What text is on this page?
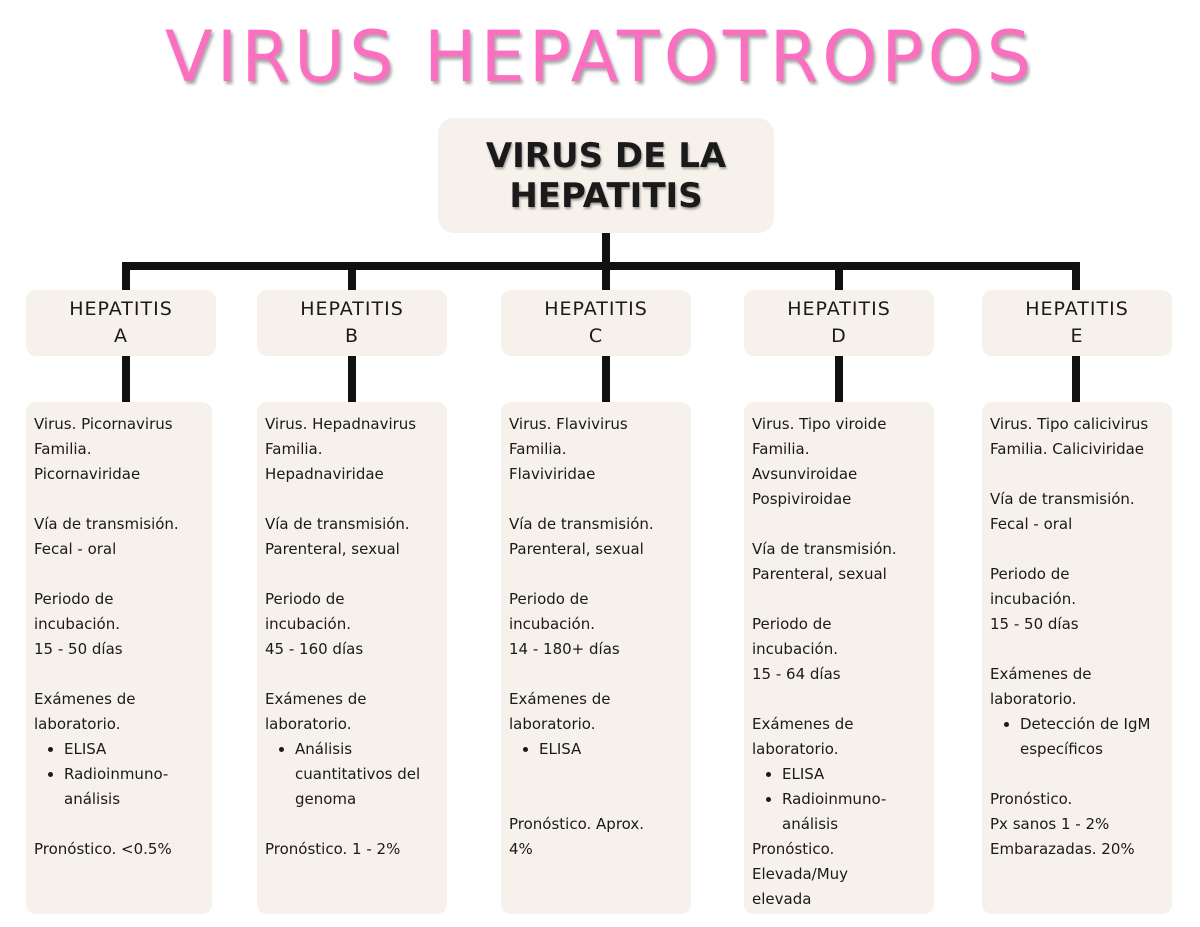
VIRUS HEPATOTROPOS
VIRUS DE LA
HEPATITIS
HEPATITIS
A
HEPATITIS
B
HEPATITIS
C
HEPATITIS
D
HEPATITIS
E

Virus. Picornavirus
Familia.
Picornaviridae

Vía de transmisión.
Fecal - oral

Periodo de
incubación.
15 - 50 días

Exámenes de
laboratorio.

• ELISA
• Radioinmuno-
análisis

Pronóstico. <0.5%

Virus. Hepadnavirus
Familia.
Hepadnaviridae

Vía de transmisión.
Parenteral, sexual

Periodo de
incubación.
45 - 160 días

Exámenes de
laboratorio.

• Análisis
cuantitativos del
genoma

Pronóstico. 1 - 2%

Virus. Flavivirus
Familia.
Flaviviridae

Vía de transmisión.
Parenteral, sexual

Periodo de
incubación.
14 - 180+ días

Exámenes de
laboratorio.

• ELISA

Pronóstico. Aprox.
4%

Virus. Tipo viroide
Familia.
Avsunviroidae
Pospiviroidae

Vía de transmisión.
Parenteral, sexual

Periodo de
incubación.
15 - 64 días

Exámenes de
laboratorio.

• ELISA
• Radioinmuno-
análisis

Pronóstico.
Elevada/Muy
elevada

Virus. Tipo calicivirus
Familia. Caliciviridae

Vía de transmisión.
Fecal - oral

Periodo de
incubación.
15 - 50 días

Exámenes de
laboratorio.

• Detección de IgM
específicos

Pronóstico.
Px sanos 1 - 2%
Embarazadas. 20%
